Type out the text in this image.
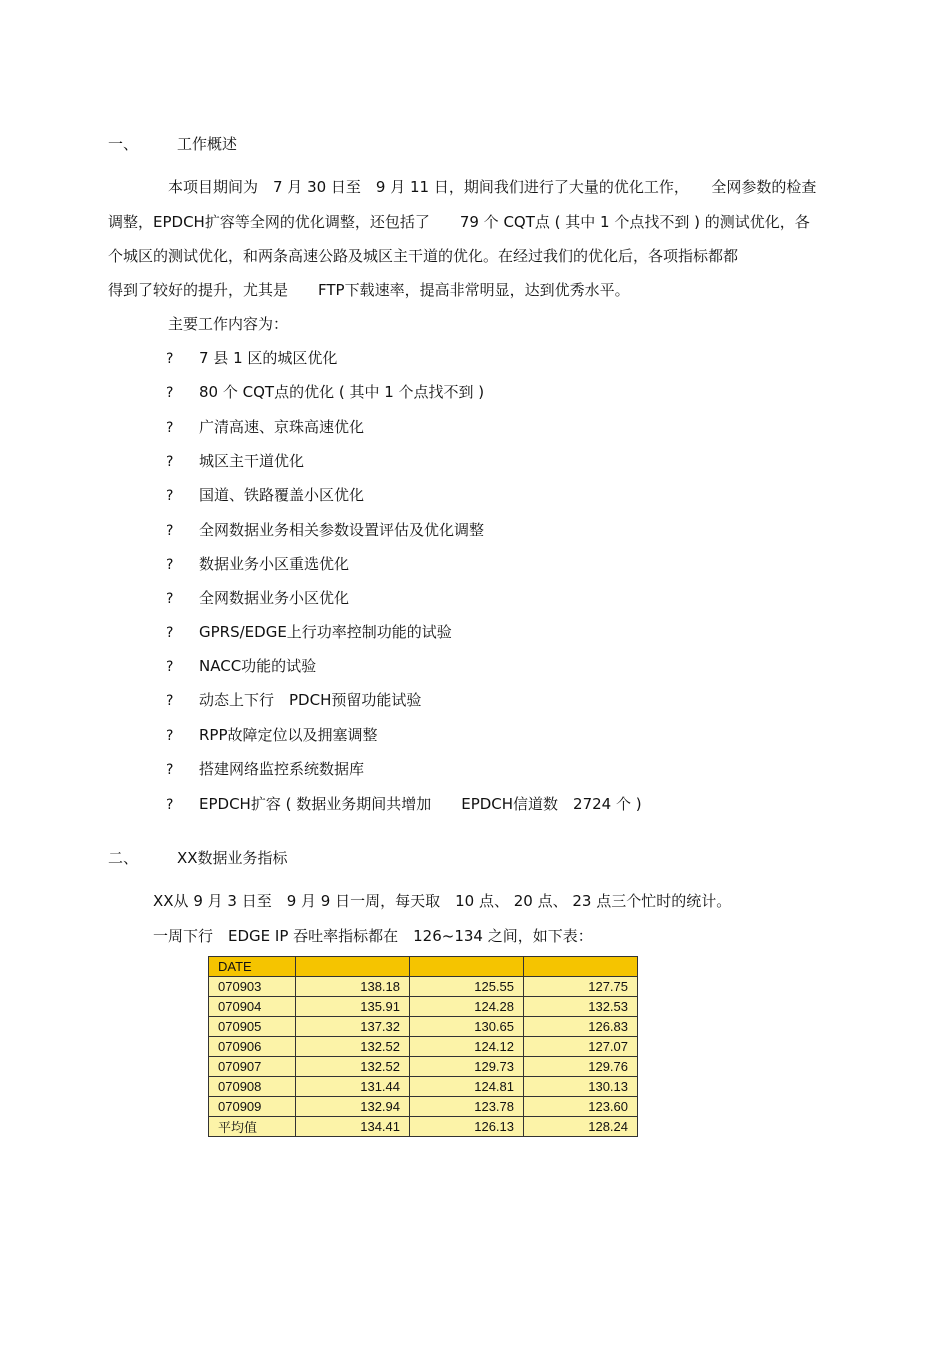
一、	工作概述
本项目期间为　7 月 30 日至　9 月 11 日，期间我们进行了大量的优化工作，　　全网参数的检查
调整，EPDCH扩容等全网的优化调整，还包括了　　79 个 CQT点 ( 其中 1 个点找不到 ) 的测试优化，各
个城区的测试优化，和两条高速公路及城区主干道的优化。在经过我们的优化后，各项指标都都
得到了较好的提升，尤其是　　FTP下载速率，提高非常明显，达到优秀水平。
主要工作内容为：
? 7 县 1 区的城区优化
? 80 个 CQT点的优化 ( 其中 1 个点找不到 )
? 广清高速、京珠高速优化
? 城区主干道优化
? 国道、铁路覆盖小区优化
? 全网数据业务相关参数设置评估及优化调整
? 数据业务小区重选优化
? 全网数据业务小区优化
? GPRS/EDGE上行功率控制功能的试验
? NACC功能的试验
? 动态上下行　PDCH预留功能试验
? RPP故障定位以及拥塞调整
? 搭建网络监控系统数据库
? EPDCH扩容 ( 数据业务期间共增加　　EPDCH信道数　2724 个 )
二、	XX数据业务指标
XX从 9 月 3 日至　9 月 9 日一周，每天取　10 点、 20 点、 23 点三个忙时的统计。
一周下行　EDGE IP 吞吐率指标都在　126~134 之间，如下表：
DATE			
070903	138.18	125.55	127.75
070904	135.91	124.28	132.53
070905	137.32	130.65	126.83
070906	132.52	124.12	127.07
070907	132.52	129.73	129.76
070908	131.44	124.81	130.13
070909	132.94	123.78	123.60
平均值	134.41	126.13	128.24
